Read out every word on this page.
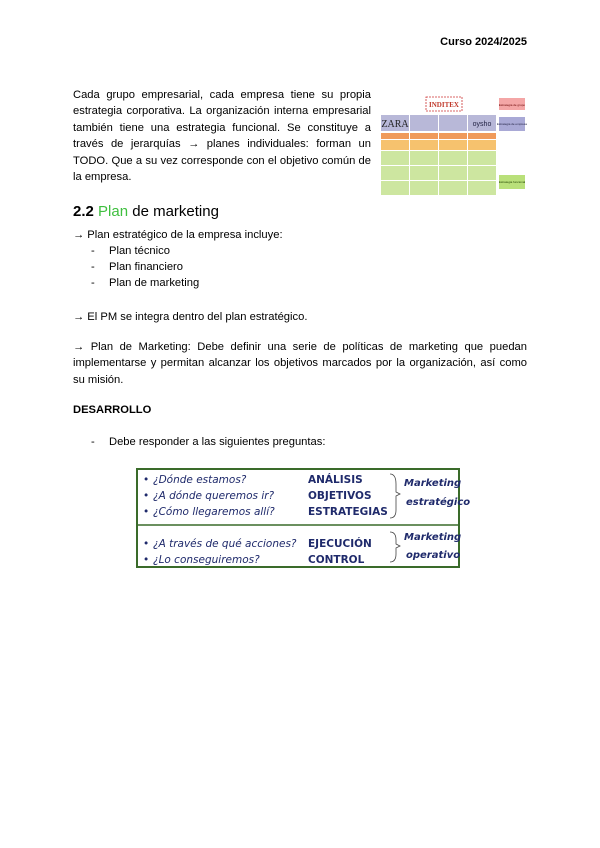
Curso 2024/2025

Cada grupo empresarial, cada empresa tiene su propia estrategia corporativa. La organización interna empresarial también tiene una estrategia funcional. Se constituye a través de jerarquías → planes individuales: forman un TODO. Que a su vez corresponde con el objetivo común de la empresa.

INDITEX	Estrategia de grupo
ZARA	oysho Estrategia de empresa
Estrategia funcional
2.2 Plan de marketing
→ Plan estratégico de la empresa incluye:
- Plan técnico
- Plan financiero
- Plan de marketing
→ El PM se integra dentro del plan estratégico.
→ Plan de Marketing: Debe definir una serie de políticas de marketing que puedan implementarse y permitan alcanzar los objetivos marcados por la organización, así como su misión.
DESARROLLO
- Debe responder a las siguientes preguntas:
• ¿Dónde estamos?
• ¿A dónde queremos ir?
• ¿Cómo llegaremos allí?
• ¿A través de qué acciones?
• ¿Lo conseguiremos?
ANÁLISIS
OBJETIVOS
ESTRATEGIAS
EJECUCIÓN
CONTROL
Marketing
estratégico
Marketing
operativo
